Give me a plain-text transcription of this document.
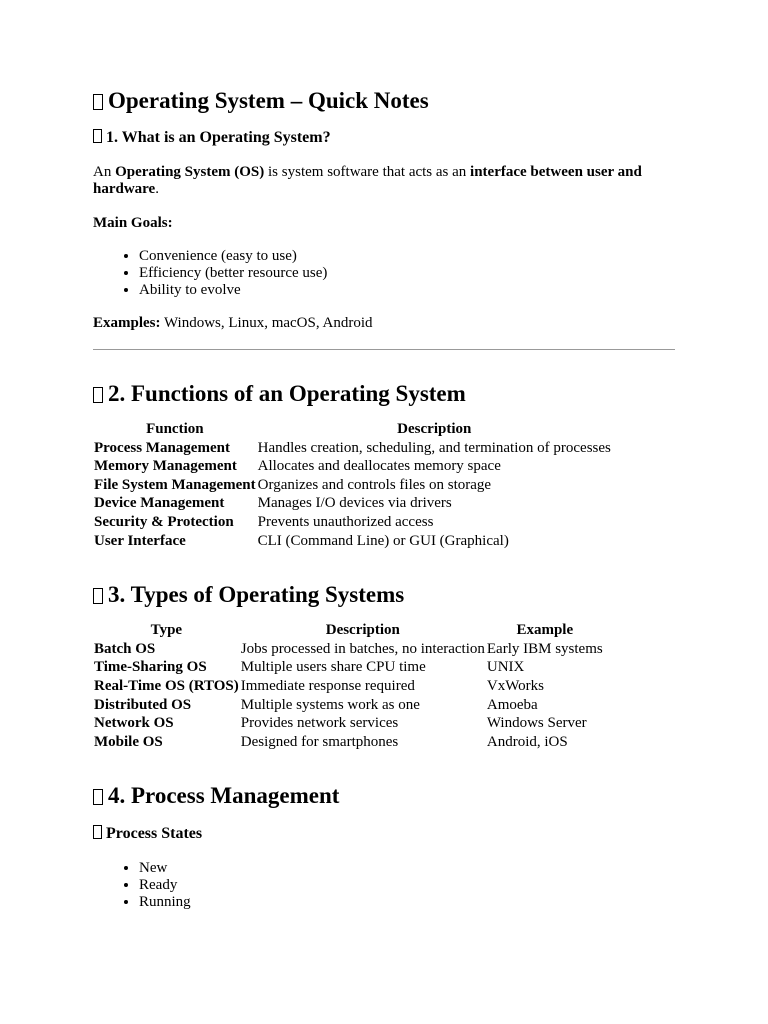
Operating System – Quick Notes
1. What is an Operating System?

An Operating System (OS) is system software that acts as an interface between user and hardware.

Main Goals:

• Convenience (easy to use)
• Efficiency (better resource use)
• Ability to evolve

Examples: Windows, Linux, macOS, Android

2. Functions of an Operating System
Function	Description
Process Management	Handles creation, scheduling, and termination of processes
Memory Management	Allocates and deallocates memory space
File System Management	Organizes and controls files on storage
Device Management	Manages I/O devices via drivers
Security & Protection	Prevents unauthorized access
User Interface	CLI (Command Line) or GUI (Graphical)
3. Types of Operating Systems
Type	Description	Example
Batch OS	Jobs processed in batches, no interaction	Early IBM systems
Time-Sharing OS	Multiple users share CPU time	UNIX
Real-Time OS (RTOS)	Immediate response required	VxWorks
Distributed OS	Multiple systems work as one	Amoeba
Network OS	Provides network services	Windows Server
Mobile OS	Designed for smartphones	Android, iOS
4. Process Management
Process States
• New
• Ready
• Running
